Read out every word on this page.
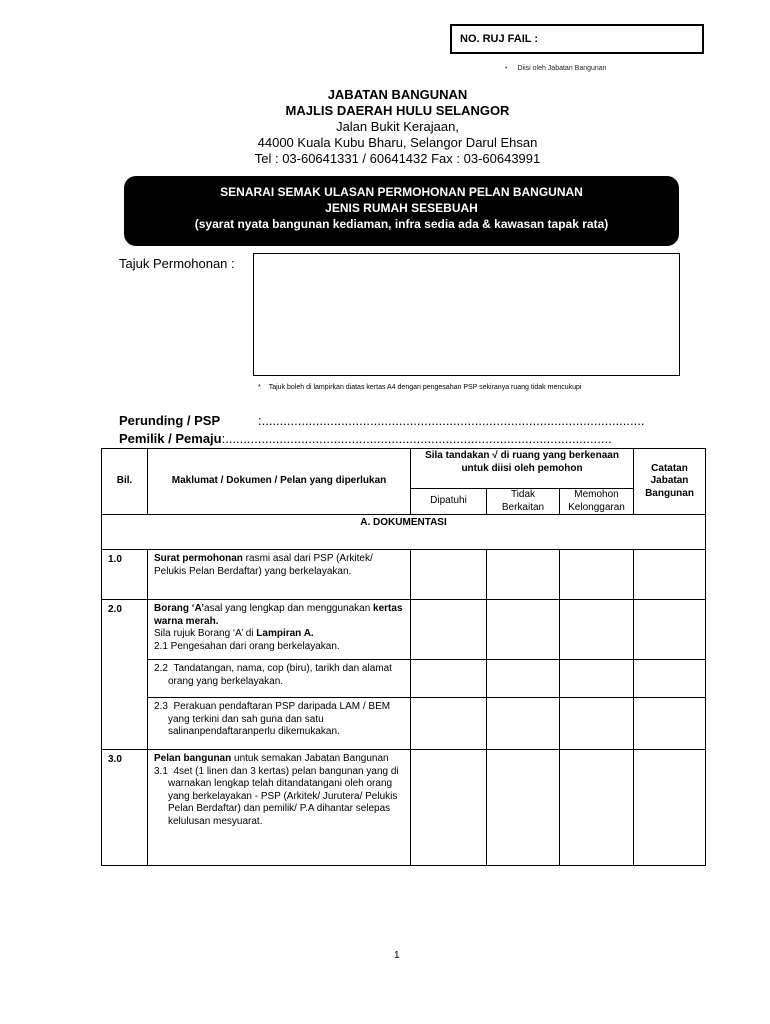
NO. RUJ FAIL :
• Diisi oleh Jabatan Bangunan
JABATAN BANGUNAN
MAJLIS DAERAH HULU SELANGOR
Jalan Bukit Kerajaan,
44000 Kuala Kubu Bharu, Selangor Darul Ehsan
Tel : 03-60641331 / 60641432 Fax : 03-60643991
SENARAI SEMAK ULASAN PERMOHONAN PELAN BANGUNAN
JENIS RUMAH SESEBUAH
(syarat nyata bangunan kediaman, infra sedia ada & kawasan tapak rata)
Tajuk Permohonan :
* Tajuk boleh di lampirkan diatas kertas A4 dengan pengesahan PSP sekiranya ruang tidak mencukupi
Perunding / PSP	:..........................................................................................................
Pemilik / Pemaju:...........................................................................................................
Bil.	Maklumat / Dokumen / Pelan yang diperlukan	Sila tandakan √ di ruang yang berkenaan untuk diisi oleh pemohon			Catatan Jabatan Bangunan

		Dipatuhi	Tidak Berkaitan	Memohon Kelonggaran	
A. DOKUMENTASI					
1.0	Surat permohonan rasmi asal dari PSP (Arkitek/ Pelukis Pelan Berdaftar) yang berkelayakan.				
2.0	Borang ‘A’asal yang lengkap dan menggunakan kertas warna merah.
Sila rujuk Borang ‘A’ di Lampiran A.
2.1 Pengesahan dari orang berkelayakan.				

	2.2 Tandatangan, nama, cop (biru), tarikh dan alamat orang yang berkelayakan.				

	2.3 Perakuan pendaftaran PSP daripada LAM / BEM yang terkini dan sah guna dan satu salinanpendaftaranperlu dikemukakan.				

3.0	Pelan bangunan untuk semakan Jabatan Bangunan
3.1 4set (1 linen dan 3 kertas) pelan bangunan yang di warnakan lengkap telah ditandatangani oleh orang yang berkelayakan - PSP (Arkitek/ Jurutera/ Pelukis Pelan Berdaftar) dan pemilik/ P.A dihantar selepas kelulusan mesyuarat.				

1
